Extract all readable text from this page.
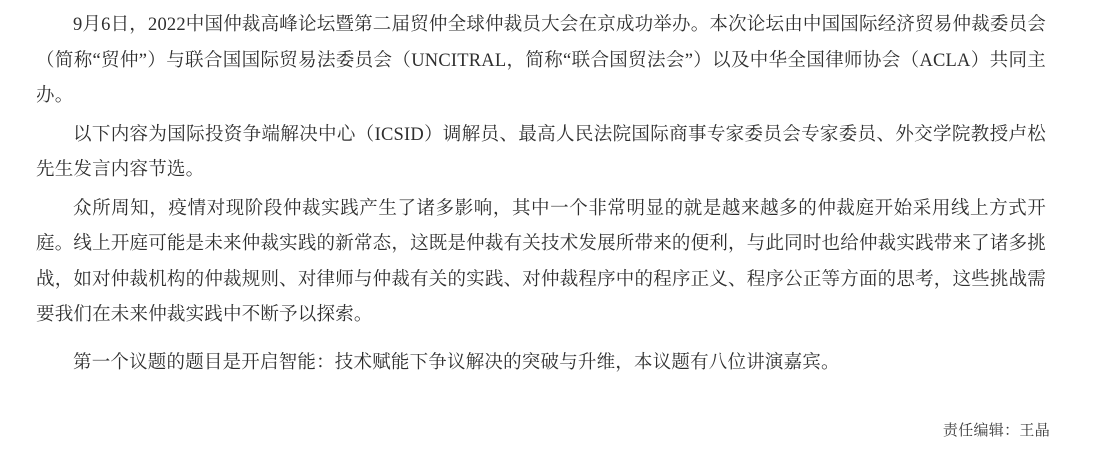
9月6日，2022中国仲裁高峰论坛暨第二届贸仲全球仲裁员大会在京成功举办。本次论坛由中国国际经济贸易仲裁委员会（简称“贸仲”）与联合国国际贸易法委员会（UNCITRAL，简称“联合国贸法会”）以及中华全国律师协会（ACLA）共同主办。

以下内容为国际投资争端解决中心（ICSID）调解员、最高人民法院国际商事专家委员会专家委员、外交学院教授卢松先生发言内容节选。

众所周知，疫情对现阶段仲裁实践产生了诸多影响，其中一个非常明显的就是越来越多的仲裁庭开始采用线上方式开庭。线上开庭可能是未来仲裁实践的新常态，这既是仲裁有关技术发展所带来的便利，与此同时也给仲裁实践带来了诸多挑战，如对仲裁机构的仲裁规则、对律师与仲裁有关的实践、对仲裁程序中的程序正义、程序公正等方面的思考，这些挑战需要我们在未来仲裁实践中不断予以探索。

第一个议题的题目是开启智能：技术赋能下争议解决的突破与升维，本议题有八位讲演嘉宾。

责任编辑：王晶
